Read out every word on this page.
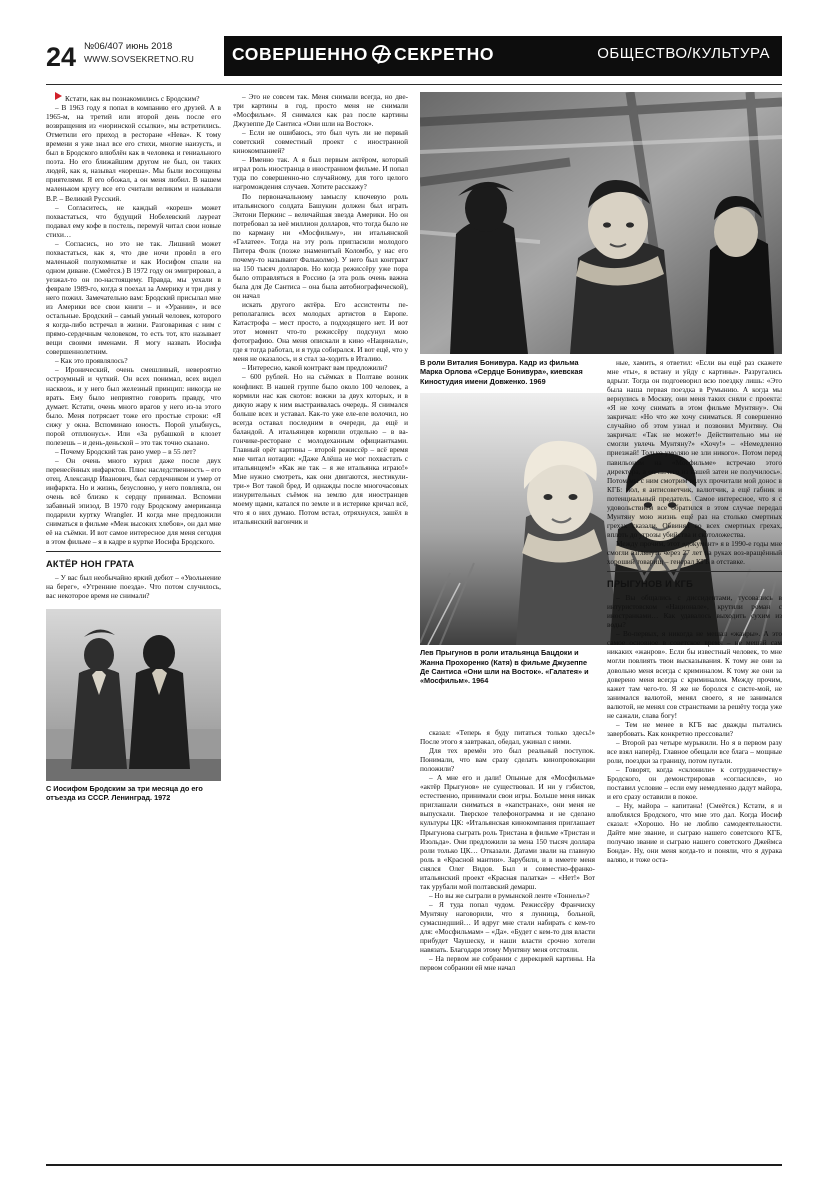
24 №06/407 июнь 2018
WWW.SOVSEKRETNO.RU	СОВЕРШЕННО СЕКРЕТНО	ОБЩЕСТВО/КУЛЬТУРА

Кстати, как вы познакомились с Бродским?

– В 1963 году я попал в компанию его друзей. А в 1965-м, на третий или второй день после его возвращения из «норинской ссылки», мы встретились. Отметили его приход в ресторане «Нева». К тому времени я уже знал все его стихи, многие наизусть, и был в Бродского влюблён как в человека и гениального поэта. Но его ближайшим другом не был, он таких людей, как я, называл «кореша». Мы были восхищены приятелями. Я его обожал, а он меня любил. В нашем маленьком кругу все его считали великим и называли В.Р. – Великий Русский.

– Согласитесь, не каждый «кореш» может похвастаться, что будущий Нобелевский лауреат подавал ему кофе в постель, перемуй читал свои новые стихи…

– Согласись, но это не так. Лишний может похвастаться, как я, что две ночи провёл в его маленькой полукомнатке и как Иосифом спали на одном диване. (Смеётся.) В 1972 году он эмигрировал, а уезжал-то он по-настоящему. Правда, мы уехали в феврале 1989-го, когда я поехал за Америку и три дня у него пожил. Замечательно вам: Бродский присылал мне из Америки все свои книги – и «Урании», и все остальные. Бродский – самый умный человек, которого я когда-либо встречал в жизни. Разговаривая с ним с прямо-сердечным человеком, то есть тот, кто называет вещи своими именами. Я могу назвать Иосифа совершеннолетним.

– Как это проявлялось?

– Иронический, очень смешливый, невероятно остроумный и чуткий. Он всех понимал, всех видел насквозь, и у него был железный принцип: никогда не врать. Ему было неприятно говорить правду, что думает. Кстати, очень много врагов у него из-за этого было. Меня потрясает тоже его простые строки: «Я сижу у окна. Вспоминаю юность. Порой улыбнусь, порой отплюнусь». Или «За рубашкой в клозет полезешь – и день-деньской – это так точно сказано.

– Почему Бродский так рано умер – в 55 лет?

– Он очень много курил даже после двух перенесённых инфарктов. Плюс наследственность – его отец, Александр Иванович, был сердечником и умер от инфаркта. Но и жизнь, безусловно, у него повлияла, он очень всё близко к сердцу принимал. Вспомни забавный эпизод. В 1970 году Бродскому американца подарили куртку Wrangler. И когда мне предложили сниматься в фильме «Меж высоких хлебов», он дал мне её на съёмки. И вот самое интересное для меня сегодня в этом фильме – я в кадре в куртке Иосифа Бродского.

АКТЁР НОН ГРАТА

– У вас был необычайно яркий дебют – «Увольнение на берег», «Утренние поезда». Что потом случилось, вас некоторое время не снимали?

С Иосифом Бродским за три месяца до его отъезда из СССР. Ленинград. 1972

– Это не совсем так. Меня снимали всегда, но две-три картины в год, просто меня не снимали «Мосфильм». Я снимался как раз после картины Джузеппе Де Сантиса «Они шли на Восток».

– Если не ошибаюсь, это был чуть ли не первый советский совместный проект с иностранной кинокомпанией?

– Именно так. А я был первым актёром, который играл роль иностранца в иностранном фильме. И попал туда по совершенно-но случайному, для того целого нагромождения случаев. Хотите расскажу?

По первоначальному замыслу ключевую роль итальянского солдата Башукин должен был играть Энтони Перкинс – величайшая звезда Америки. Но он потребовал за неё миллион долларов, что тогда было не по карману ни «Мосфильму», ни итальянской «Галатее». Тогда на эту роль пригласили молодого Питера Фолк (позже знаменитый Коломбо, у нас его почему-то называют Фальколмо). У него был контракт на 150 тысяч долларов. Но когда режиссёру уже пора было отправляться в Россию (а эта роль очень важна была для Де Сантиса – она была автобиографической), он начал

искать другого актёра. Его ассистенты пе-реполагались всех молодых артистов в Европе. Катастрофа – мест просто, а подходящего нет. И вот этот момент что-то режиссёру подсунул мою фотографию. Она меня опискали в кино «Нациналы», где я тогда работал, и я туда собирался. И вот ещё, что у меня не оказалось, и я стал за-ходить в Италию.

– Интересно, какой контракт вам предложили?

– 600 рублей. Но на съёмках в Полтаве возник конфликт. В нашей группе было около 100 человек, а кормили нас как скотов: вожжи за двух которых, и в дикую жару к ним выстраивалась очередь. Я снимался больше всех и уставал. Как-то уже еле-еле волочил, но всегда оставал последним в очереди, да ещё и баландой. А итальянцев кормили отдельно – в ва-гончике-ресторане с молодеханным официантками. Главный орёт картины – второй режиссёр – всё время мне читал нотации: «Даже Алёша не мог похвастать с итальянцем!» «Как же так – я же итальянка играю!» Мне нужно смотреть, как они двигаются, жестикули-три-» Вот такой бред. И однажды после многочасовых изнурительных съёмок на землю для иностранцев моему щами, катался по земле и в истерике кричал всё, что я о них думаю. Потом встал, отряхнулся, зашёл в итальянский вагончик и

В роли Виталия Бонивура. Кадр из фильма Марка Орлова «Сердце Бонивура», киевская Киностудия имени Довженко. 1969
Лев Прыгунов в роли итальянца Бацдоки и Жанна Прохоренко (Катя) в фильме Джузеппе Де Сантиса «Они шли на Восток». «Галатея» и «Мосфильм». 1964

сказал: «Теперь я буду питаться только здесь!» После этого я завтракал, обедал, ужинал с ними.

Для тех времён это был реальный поступок. Понимали, что вам сразу сделать кинопровокации положили?

– А мне его и дали! Опыные для «Мосфильма» «актёр Прыгунов» не существовал. И ни у гэбистов, естественно, принимали свои игры. Больше меня никак приглашали сниматься в «капстранах», они меня не выпускали. Тверское телефонограмма и не сделано культуры ЦК: «Итальянская кинокомпания приглашает Прыгунова сыграть роль Тристана в фильме «Тристан и Изольда». Они предложили за мена 150 тысяч доллара роли только ЦК… Отказали. Датами звали на главную роль в «Красной мантии». Зарубили, и в имеете меня снялся Олег Видов. Был и совместно-франко-итальянский проект «Красная палатка» – «Нет!» Вот так урубали мой полтавский демарш.

– Но вы же сыграли в румынской ленте «Тоннель»?

– Я туда попал чудом. Режиссёру Франчиску Мунтяну наговорили, что я лунница, больной, сумасшедший… И вдруг мне стали набирать с кем-то для: «Мосфильмам» – «Да». «Будет с кем-то для власти прибудет Чаушеску, и наши власти срочно хотели навязать. Благодаря этому Мунтяну меня отстояли.

– На первом же собрании с дирекцией картины. На первом собрании ей мне начал

ные, хамить, я ответил: «Если вы ещё раз скажете мне «ты», я встану и уйду с картины». Разругались вдрызг. Тогда он подгоеворил всю поездку лишь: «Это была наша первая поездка в Румынию. А когда мы вернулись в Москву, они меня таких сняли с проекта: «Я не хочу снимать в этом фильме Мунтяну». Он закричал: «Но что же хочу сниматься. Я совершенно случайно об этом узнал и позвонил Мунтяну. Он закричал: «Так не может!» Действительно мы не смогли увлечь Мунтяну?» «Хочу!» – «Немедленно приезжай! Только умоляю не зли никого». Потом перед павильоном на «Мосфильме» встречаю этого директора, а он ничего из вашей затеи не получилось». Потом мы с ним смотрим вслух прочитали мой донос в КГБ: мол, я антисоветчик, валютчик, а ещё габник и потенциальный предатель. Самое интересное, что я с удовольствием все обратился в этом случае передал Мунтяну мою жизнь ещё раз на столько смертных грехах сказали. Обвинял во всех смертных грехах, вплоть до угрозы убийства и скотоложества.

Между прочим, этот «документ» я в 1990-е годы мне смогли взглянуть через 27 лет на руках воз-вращённый хороший товарищ – генерал КГБ в отставке.

ПРЫГУНОВ И КГБ

– Вы общались с диссидентами, тусовались в интуристовском «Национале», крутили роман с иностранками… Как удавалось выходить сухим из воды?

– Во-первых, я никогда не мешал «жанры». А это самое основное в советское время – не мешай сам никаких «жанров». Если бы известный человек, то мне могли повлиять твои высказывания. К тому же они за довольно меня всегда с криминалом. К тому же они за доверено меня всегда с криминалом. Между прочим, кажет там чего-то. Я же не боролся с систе-мой, не занимался валютой, менял своего, я не занимался валютой, не менял сов странствами за решёту тогда уже не сажали, слава богу!

– Тем не менее в КГБ вас дважды пытались завербовать. Как конкретно прессовали?

– Второй раз четыре мурыкили. Но я в первом разу все взял наперёд. Главное обещали все блага – мощные роли, поездки за границу, потом путали.

– Говорят, когда «склонили» к сотрудничеству» Бродского, он демонстрировав «согласился», но поставил условие – если ему немедленно дадут майора, и его сразу оставили в покое.

– Ну, майора – капитана! (Смеётся.) Кстати, я и влюблялся Бродского, что мне это дал. Когда Иосиф сказал: «Хорошо. Но не люблю самодеятельности. Дайте мне звание, и сыграю нашего советского КГБ, получаю звание и сыграю нашего советского Джеймса Бонда». Ну, они меня когда-то и поняли, что я дурака валяю, и тоже оста-
